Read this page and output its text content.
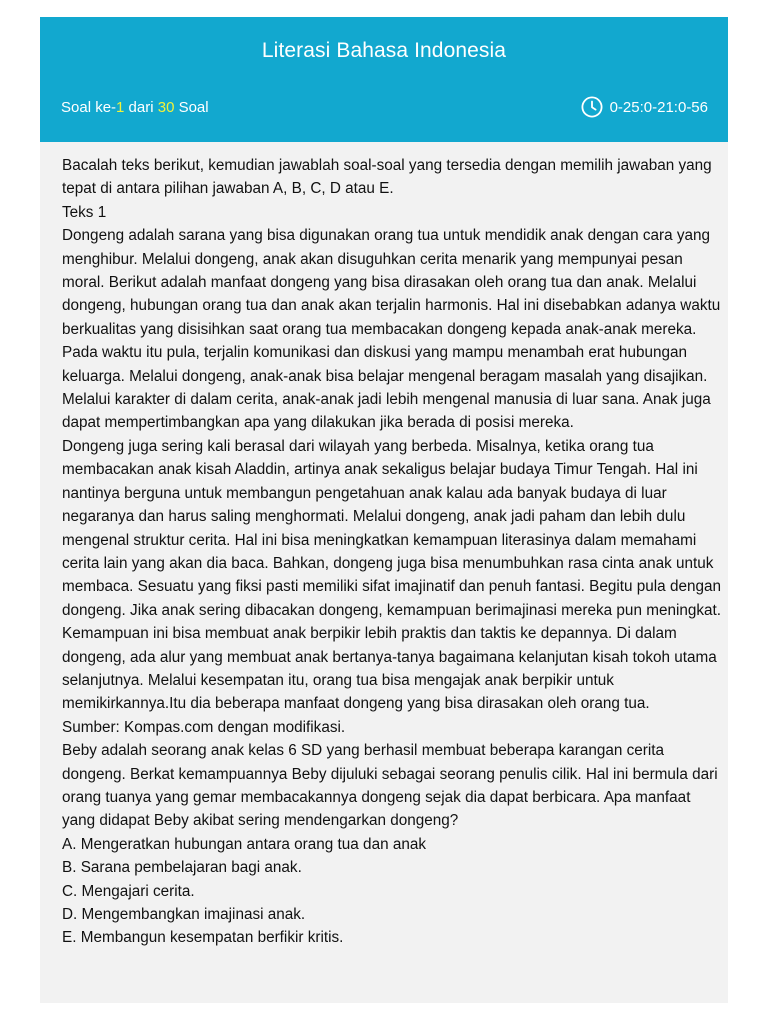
Literasi Bahasa Indonesia
Soal ke-1 dari 30 Soal	0-25:0-21:0-56

Bacalah teks berikut, kemudian jawablah soal-soal yang tersedia dengan memilih jawaban yang tepat di antara pilihan jawaban A, B, C, D atau E.

Teks 1

Dongeng adalah sarana yang bisa digunakan orang tua untuk mendidik anak dengan cara yang menghibur. Melalui dongeng, anak akan disuguhkan cerita menarik yang mempunyai pesan moral. Berikut adalah manfaat dongeng yang bisa dirasakan oleh orang tua dan anak. Melalui dongeng, hubungan orang tua dan anak akan terjalin harmonis. Hal ini disebabkan adanya waktu berkualitas yang disisihkan saat orang tua membacakan dongeng kepada anak-anak mereka. Pada waktu itu pula, terjalin komunikasi dan diskusi yang mampu menambah erat hubungan keluarga. Melalui dongeng, anak-anak bisa belajar mengenal beragam masalah yang disajikan. Melalui karakter di dalam cerita, anak-anak jadi lebih mengenal manusia di luar sana. Anak juga dapat mempertimbangkan apa yang dilakukan jika berada di posisi mereka.

Dongeng juga sering kali berasal dari wilayah yang berbeda. Misalnya, ketika orang tua membacakan anak kisah Aladdin, artinya anak sekaligus belajar budaya Timur Tengah. Hal ini nantinya berguna untuk membangun pengetahuan anak kalau ada banyak budaya di luar negaranya dan harus saling menghormati. Melalui dongeng, anak jadi paham dan lebih dulu mengenal struktur cerita. Hal ini bisa meningkatkan kemampuan literasinya dalam memahami cerita lain yang akan dia baca. Bahkan, dongeng juga bisa menumbuhkan rasa cinta anak untuk membaca. Sesuatu yang fiksi pasti memiliki sifat imajinatif dan penuh fantasi. Begitu pula dengan dongeng. Jika anak sering dibacakan dongeng, kemampuan berimajinasi mereka pun meningkat. Kemampuan ini bisa membuat anak berpikir lebih praktis dan taktis ke depannya. Di dalam dongeng, ada alur yang membuat anak bertanya-tanya bagaimana kelanjutan kisah tokoh utama selanjutnya. Melalui kesempatan itu, orang tua bisa mengajak anak berpikir untuk memikirkannya.Itu dia beberapa manfaat dongeng yang bisa dirasakan oleh orang tua.

Sumber: Kompas.com dengan modifikasi.

Beby adalah seorang anak kelas 6 SD yang berhasil membuat beberapa karangan cerita dongeng. Berkat kemampuannya Beby dijuluki sebagai seorang penulis cilik. Hal ini bermula dari orang tuanya yang gemar membacakannya dongeng sejak dia dapat berbicara. Apa manfaat yang didapat Beby akibat sering mendengarkan dongeng?

A. Mengeratkan hubungan antara orang tua dan anak
B. Sarana pembelajaran bagi anak.
C. Mengajari cerita.
D. Mengembangkan imajinasi anak.
E. Membangun kesempatan berfikir kritis.
